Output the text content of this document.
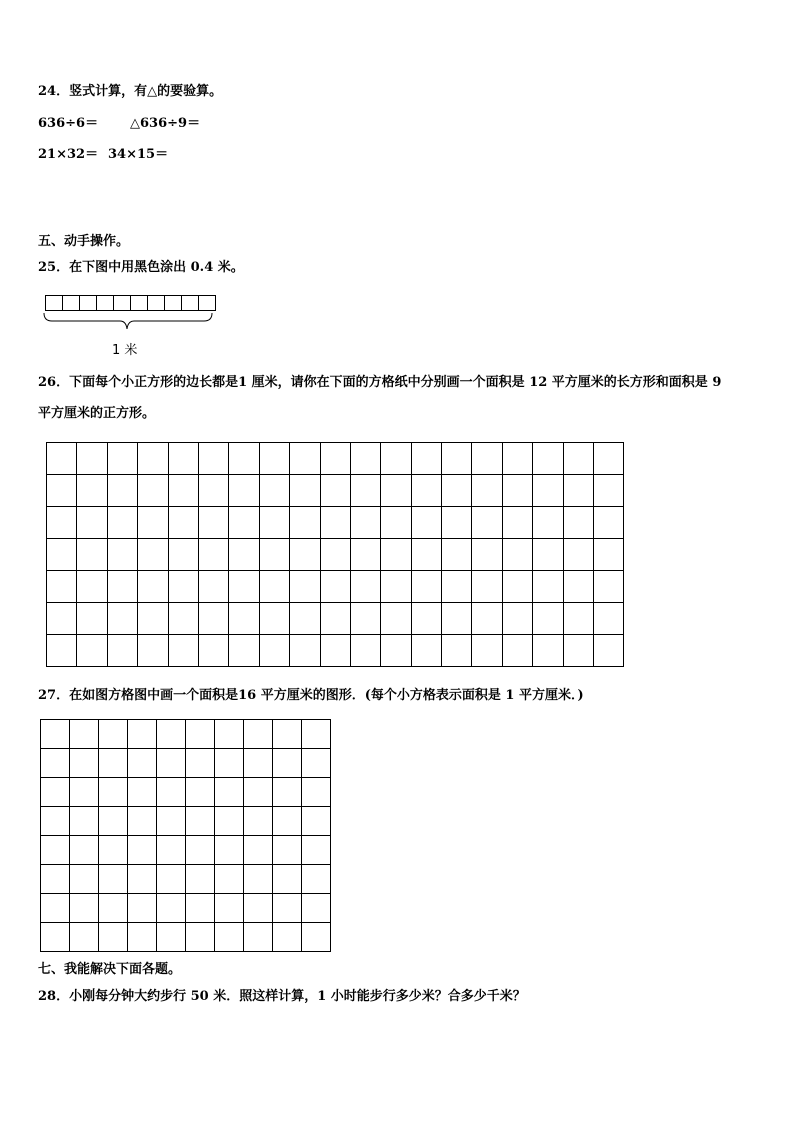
24．竖式计算，有△的要验算。
636÷6＝ △636÷9＝
21×32＝ 34×15＝
五、动手操作。
25．在下图中用黑色涂出 0.4 米。

1 米
26．下面每个小正方形的边长都是1 厘米，请你在下面的方格纸中分别画一个面积是 12 平方厘米的长方形和面积是 9
平方厘米的正方形。

27．在如图方格图中画一个面积是16 平方厘米的图形．(每个小方格表示面积是 1 平方厘米．)

七、我能解决下面各题。
28．小刚每分钟大约步行 50 米．照这样计算，1 小时能步行多少米？合多少千米？
